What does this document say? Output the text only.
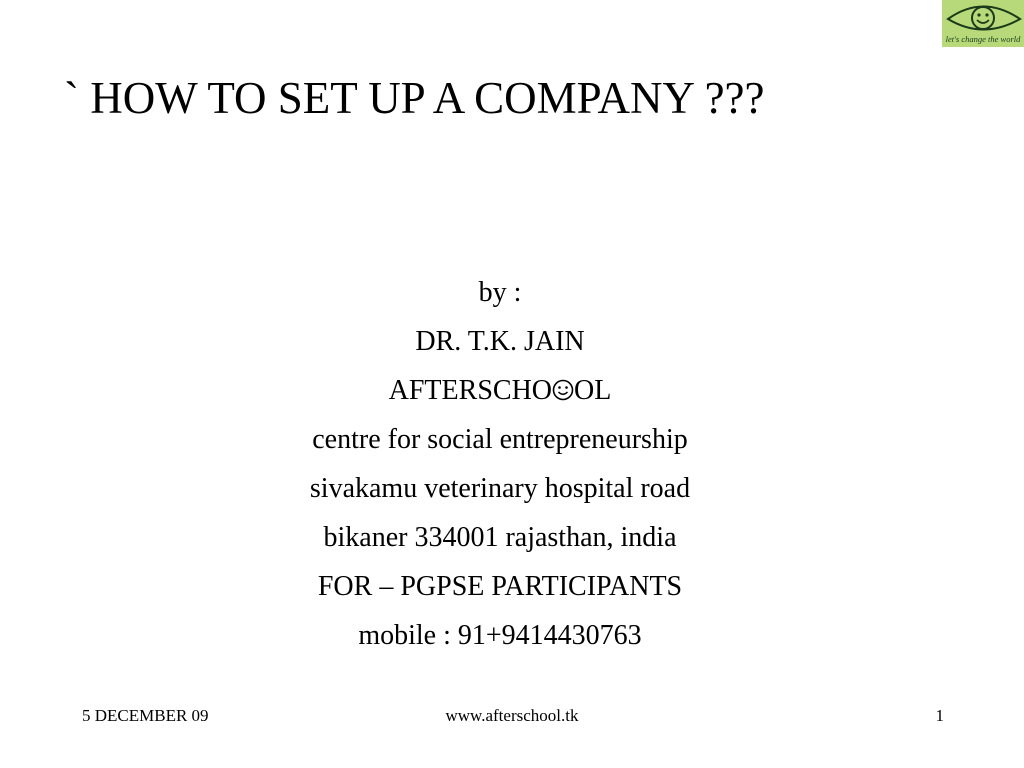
let's change the world
` HOW TO SET UP A COMPANY ???
by :
DR. T.K. JAIN
AFTERSCHO OL
centre for social entrepreneurship
sivakamu veterinary hospital road
bikaner 334001 rajasthan, india
FOR – PGPSE PARTICIPANTS
mobile : 91+9414430763
5 DECEMBER 09	www.afterschool.tk	1
